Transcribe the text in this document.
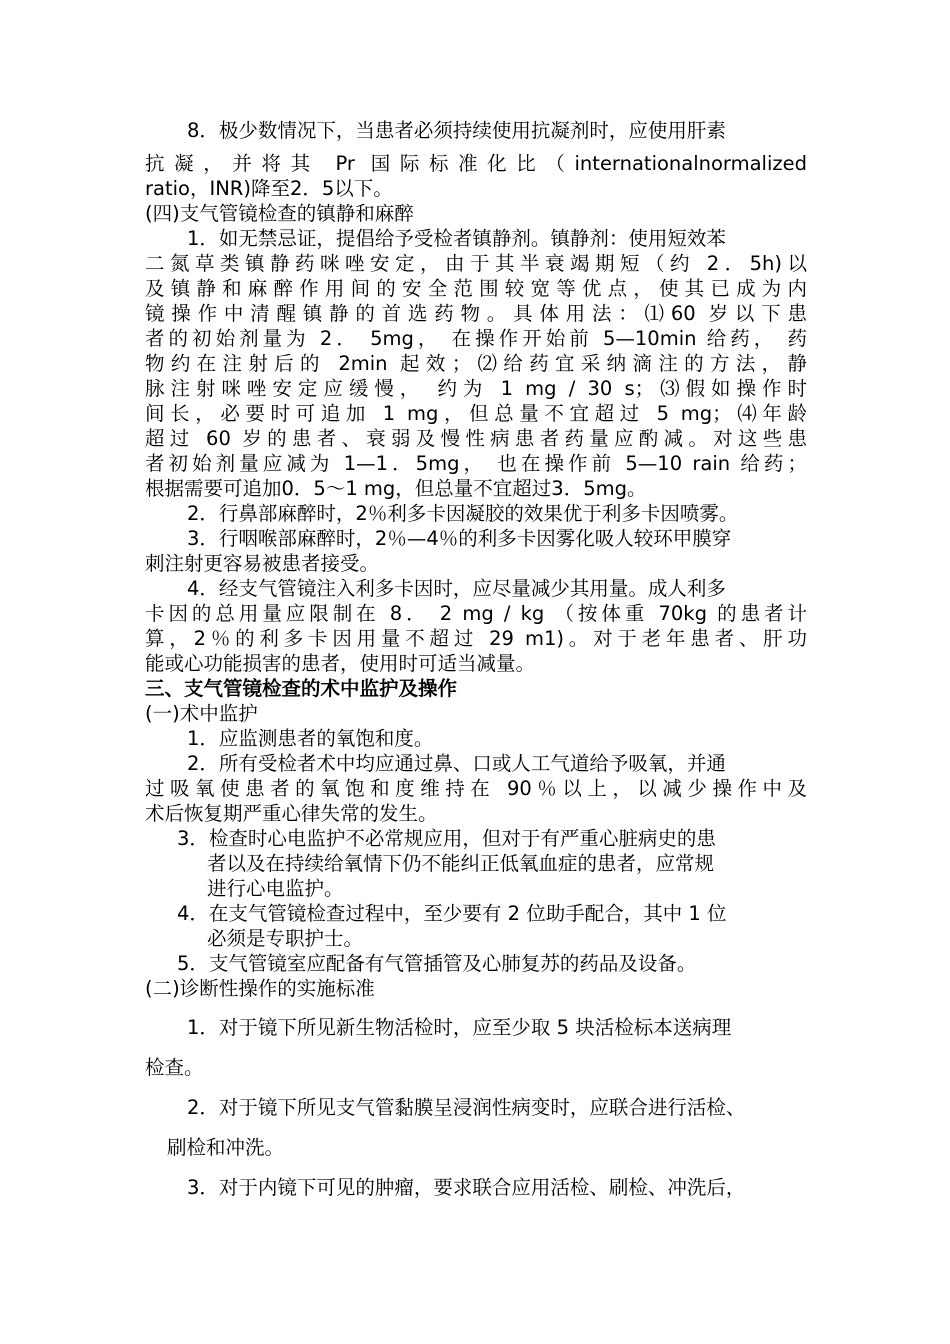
8．极少数情况下，当患者必须持续使用抗凝剂时，应使用肝素
抗凝，并将其 Pr 国际标准化比（internationalnormalized
ratio，INR)降至2．5以下。
(四)支气管镜检查的镇静和麻醉
1．如无禁忌证，提倡给予受检者镇静剂。镇静剂：使用短效苯
二氮草类镇静药咪唑安定，由于其半衰竭期短（约 2．5h)以
及镇静和麻醉作用间的安全范围较宽等优点，使其已成为内
镜操作中清醒镇静的首选药物。具体用法：⑴60 岁以下患
者的初始剂量为 2． 5mg， 在操作开始前 5—10min 给药， 药
物约在注射后的 2min 起效；⑵给药宜采纳滴注的方法，静
脉注射咪唑安定应缓慢， 约为 1 mg / 30 s；⑶假如操作时
间长，必要时可追加 1 mg，但总量不宜超过 5 mg；⑷年龄
超过 60 岁的患者、衰弱及慢性病患者药量应酌减。对这些患
者初始剂量应减为 1—1．5mg， 也在操作前 5—10 rain 给药；
根据需要可追加0．5～1 mg，但总量不宜超过3．5mg。
2．行鼻部麻醉时，2％利多卡因凝胶的效果优于利多卡因喷雾。
3．行咽喉部麻醉时，2％—4％的利多卡因雾化吸人较环甲膜穿
刺注射更容易被患者接受。
4．经支气管镜注入利多卡因时，应尽量减少其用量。成人利多
卡因的总用量应限制在 8． 2 mg / kg （按体重 70kg 的患者计
算，2％的利多卡因用量不超过 29 m1)。对于老年患者、肝功
能或心功能损害的患者，使用时可适当减量。
三、支气管镜检查的术中监护及操作
(一)术中监护
1．应监测患者的氧饱和度。
2．所有受检者术中均应通过鼻、口或人工气道给予吸氧，并通
过吸氧使患者的氧饱和度维持在 90％以上，以减少操作中及
术后恢复期严重心律失常的发生。
3．检查时心电监护不必常规应用，但对于有严重心脏病史的患
者以及在持续给氧情下仍不能纠正低氧血症的患者，应常规
进行心电监护。
4．在支气管镜检查过程中，至少要有 2 位助手配合，其中 1 位
必须是专职护士。
5．支气管镜室应配备有气管插管及心肺复苏的药品及设备。
(二)诊断性操作的实施标准
1．对于镜下所见新生物活检时，应至少取 5 块活检标本送病理
检查。
2．对于镜下所见支气管黏膜呈浸润性病变时，应联合进行活检、
刷检和冲洗。
3．对于内镜下可见的肿瘤，要求联合应用活检、刷检、冲洗后，
